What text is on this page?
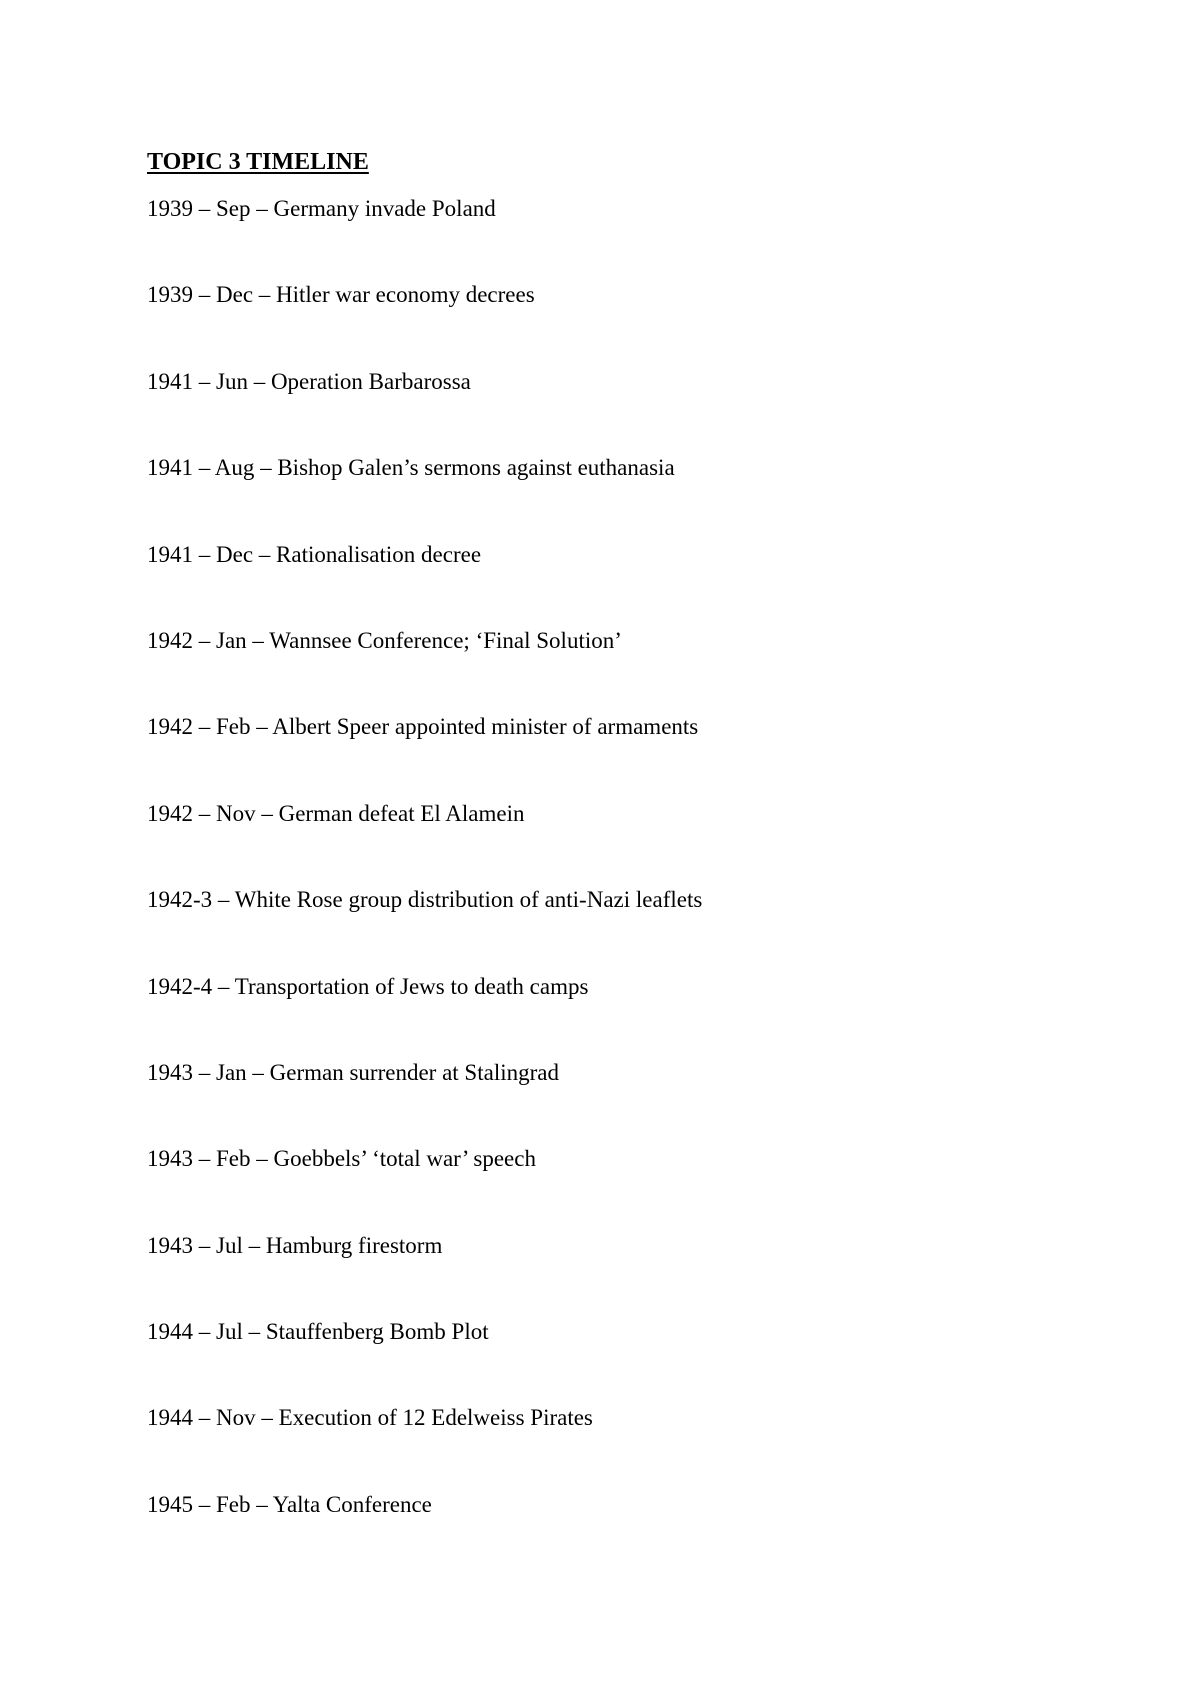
TOPIC 3 TIMELINE
1939 – Sep – Germany invade Poland
1939 – Dec – Hitler war economy decrees
1941 – Jun – Operation Barbarossa
1941 – Aug – Bishop Galen’s sermons against euthanasia
1941 – Dec – Rationalisation decree
1942 – Jan – Wannsee Conference; ‘Final Solution’
1942 – Feb – Albert Speer appointed minister of armaments
1942 – Nov – German defeat El Alamein
1942-3 – White Rose group distribution of anti-Nazi leaflets
1942-4 – Transportation of Jews to death camps
1943 – Jan – German surrender at Stalingrad
1943 – Feb – Goebbels’ ‘total war’ speech
1943 – Jul – Hamburg firestorm
1944 – Jul – Stauffenberg Bomb Plot
1944 – Nov – Execution of 12 Edelweiss Pirates
1945 – Feb – Yalta Conference
